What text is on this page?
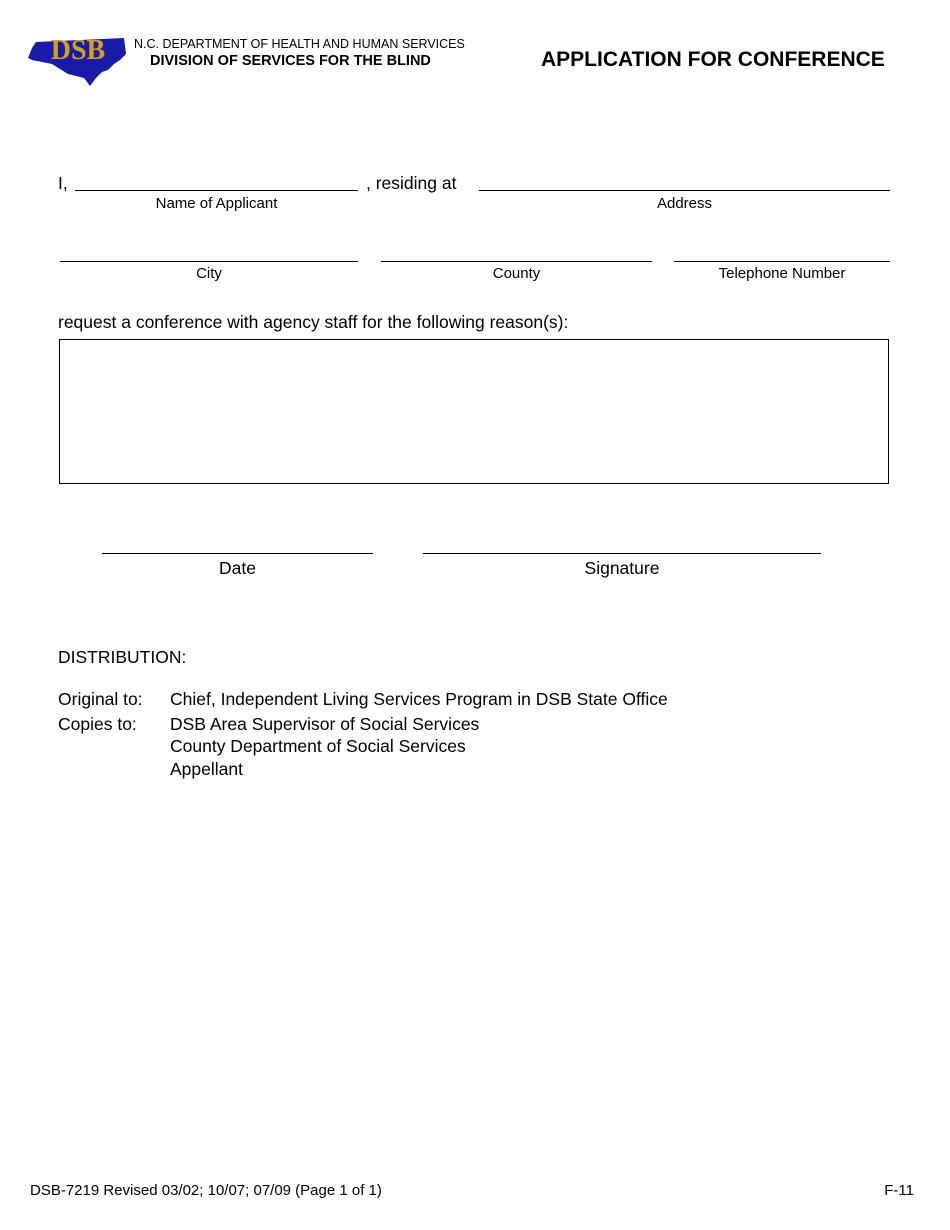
DSB N.C. DEPARTMENT OF HEALTH AND HUMAN SERVICES
DIVISION OF SERVICES FOR THE BLIND	APPLICATION FOR CONFERENCE
I,	, residing at
Name of Applicant	Address
City	County	Telephone Number
request a conference with agency staff for the following reason(s):
Date	Signature
DISTRIBUTION:
Original to: Chief, Independent Living Services Program in DSB State Office
Copies to: DSB Area Supervisor of Social Services
County Department of Social Services
Appellant
DSB-7219 Revised 03/02; 10/07; 07/09 (Page 1 of 1)	F-11
